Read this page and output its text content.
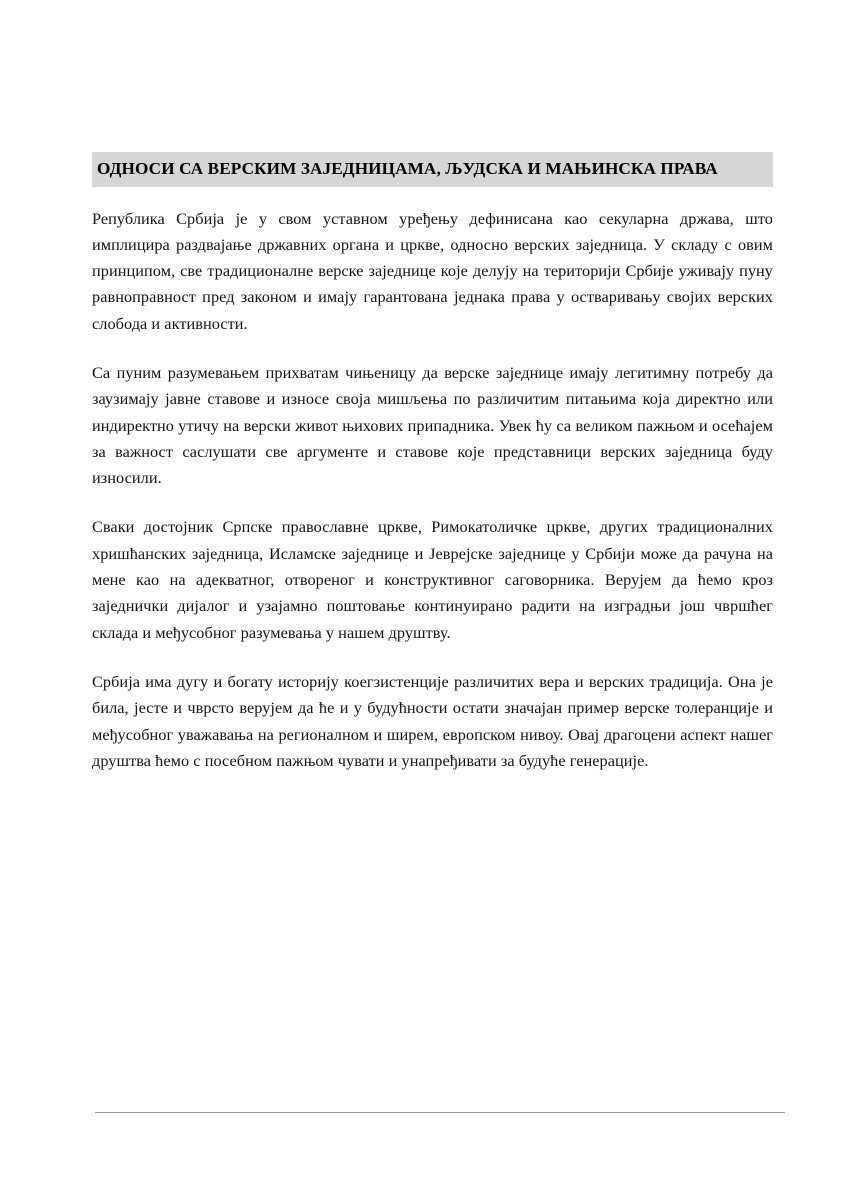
ОДНОСИ СА ВЕРСКИМ ЗАЈЕДНИЦАМА, ЉУДСКА И МАЊИНСКА ПРАВА

Република Србија је у свом уставном уређењу дефинисана као секуларна држава, што имплицира раздвајање државних органа и цркве, односно верских заједница. У складу с овим принципом, све традиционалне верске заједнице које делују на територији Србије уживају пуну равноправност пред законом и имају гарантована једнака права у остваривању својих верских слобода и активности.

Са пуним разумевањем прихватам чињеницу да верске заједнице имају легитимну потребу да заузимају јавне ставове и износе своја мишљења по различитим питањима која директно или индиректно утичу на верски живот њихових припадника. Увек ћу са великом пажњом и осећајем за важност саслушати све аргументе и ставове које представници верских заједница буду износили.

Сваки достојник Српске православне цркве, Римокатоличке цркве, других традиционалних хришћанских заједница, Исламске заједнице и Јеврејске заједнице у Србији може да рачуна на мене као на адекватног, отвореног и конструктивног саговорника. Верујем да ћемо кроз заједнички дијалог и узајамно поштовање континуирано радити на изградњи још чвршћег склада и међусобног разумевања у нашем друштву.

Србија има дугу и богату историју коегзистенције различитих вера и верских традиција. Она је била, јесте и чврсто верујем да ће и у будућности остати значајан пример верске толеранције и међусобног уважавања на регионалном и ширем, европском нивоу. Овај драгоцени аспект нашег друштва ћемо с посебном пажњом чувати и унапређивати за будуће генерације.
